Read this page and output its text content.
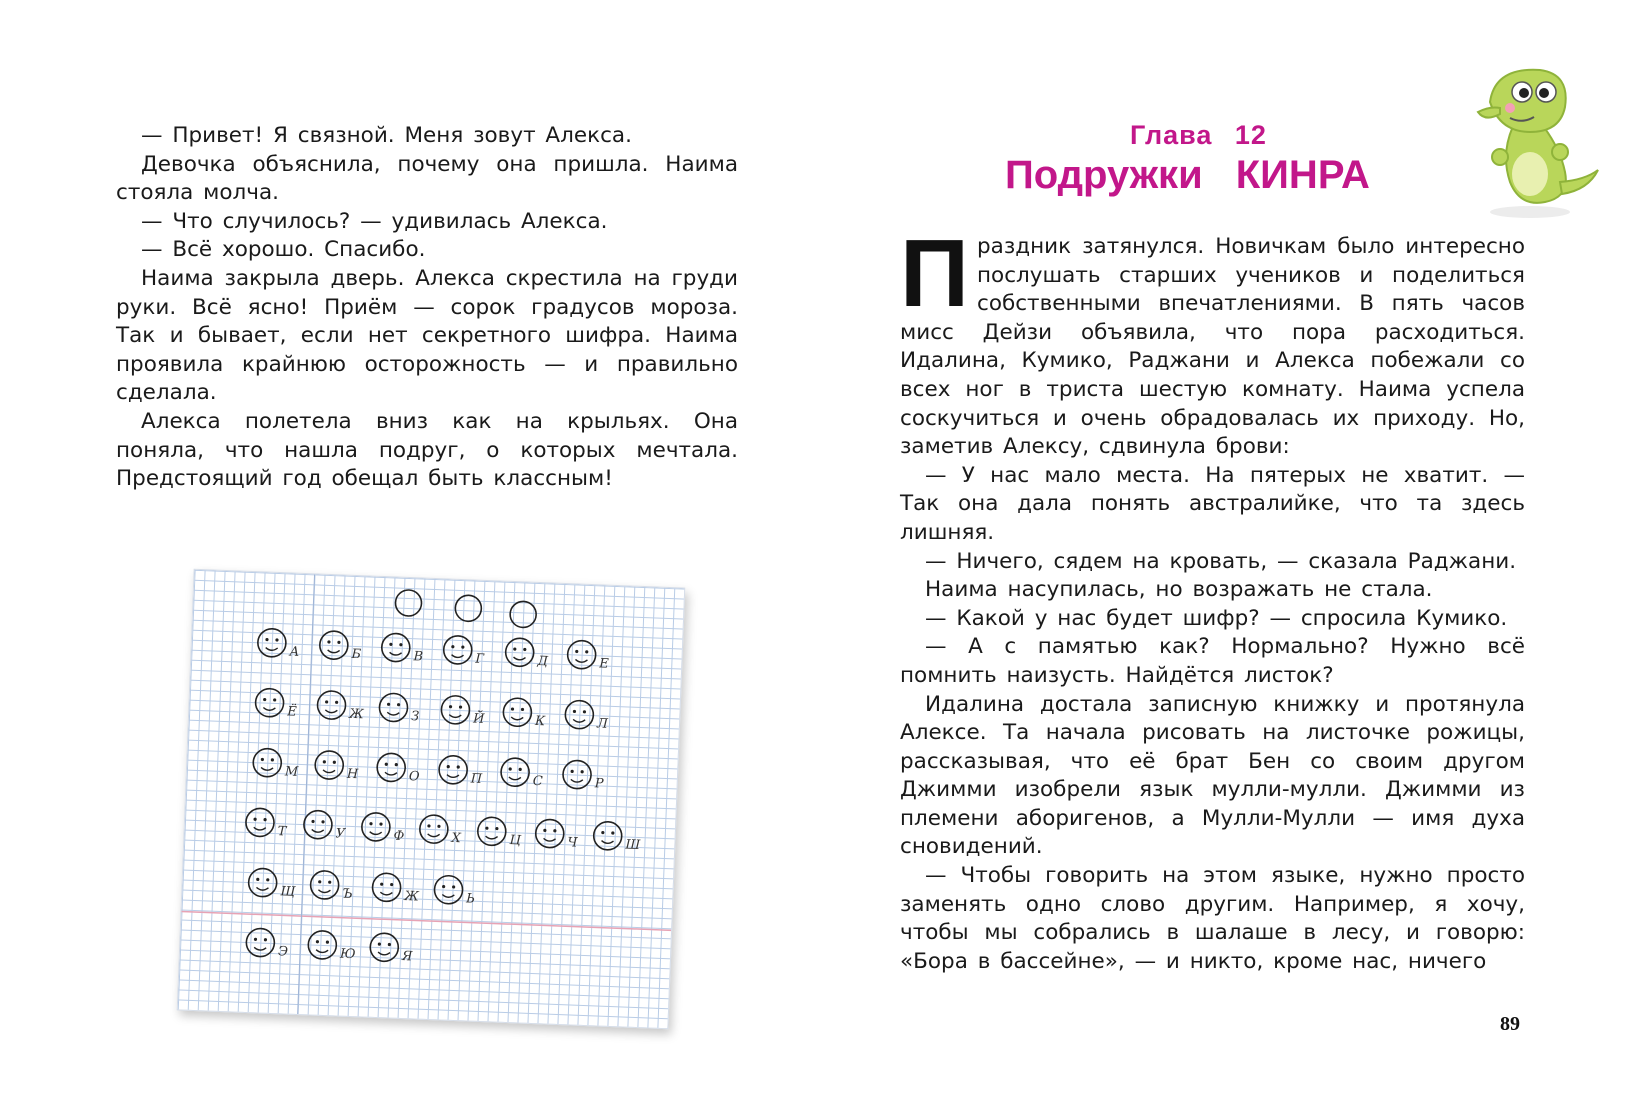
— Привет! Я связной. Меня зовут Алекса.

Девочка объяснила, почему она пришла. Наима стояла молча.

— Что случилось? — удивилась Алекса.

— Всё хорошо. Спасибо.

Наима закрыла дверь. Алекса скрестила на груди руки. Всё ясно! Приём — сорок градусов мороза. Так и бывает, если нет секретного шифра. Наима проявила крайнюю осторожность — и правильно сделала.

Алекса полетела вниз как на крыльях. Она поняла, что нашла подруг, о которых мечтала. Предстоящий год обещал быть классным!

А	Б	В	Г	Д	Е
Ё	Ж	З	Й	К	Л
М	Н	О	П	С	Р
Т	У	Ф	Х	Ц	Ч	Ш
Щ	Ъ	Ж	Ь
Э	Ю	Я
Глава 12
Подружки КИНРА

Праздник затянулся. Новичкам было интересно послушать старших учеников и поделиться собственными впечатлениями. В пять часов мисс Дейзи объявила, что пора расходиться. Идалина, Кумико, Раджани и Алекса побежали со всех ног в триста шестую комнату. Наима успела соскучиться и очень обрадовалась их приходу. Но, заметив Алексу, сдвинула брови:

— У нас мало места. На пятерых не хватит. — Так она дала понять австралийке, что та здесь лишняя.

— Ничего, сядем на кровать, — сказала Раджани.

Наима насупилась, но возражать не стала.

— Какой у нас будет шифр? — спросила Кумико.

— А с памятью как? Нормально? Нужно всё помнить наизусть. Найдётся листок?

Идалина достала записную книжку и протянула Алексе. Та начала рисовать на листочке рожицы, рассказывая, что её брат Бен со своим другом Джимми изобрели язык мулли-мулли. Джимми из племени аборигенов, а Мулли-Мулли — имя духа сновидений.

— Чтобы говорить на этом языке, нужно просто заменять одно слово другим. Например, я хочу, чтобы мы собрались в шалаше в лесу, и говорю: «Бора в бассейне», — и никто, кроме нас, ничего

89
